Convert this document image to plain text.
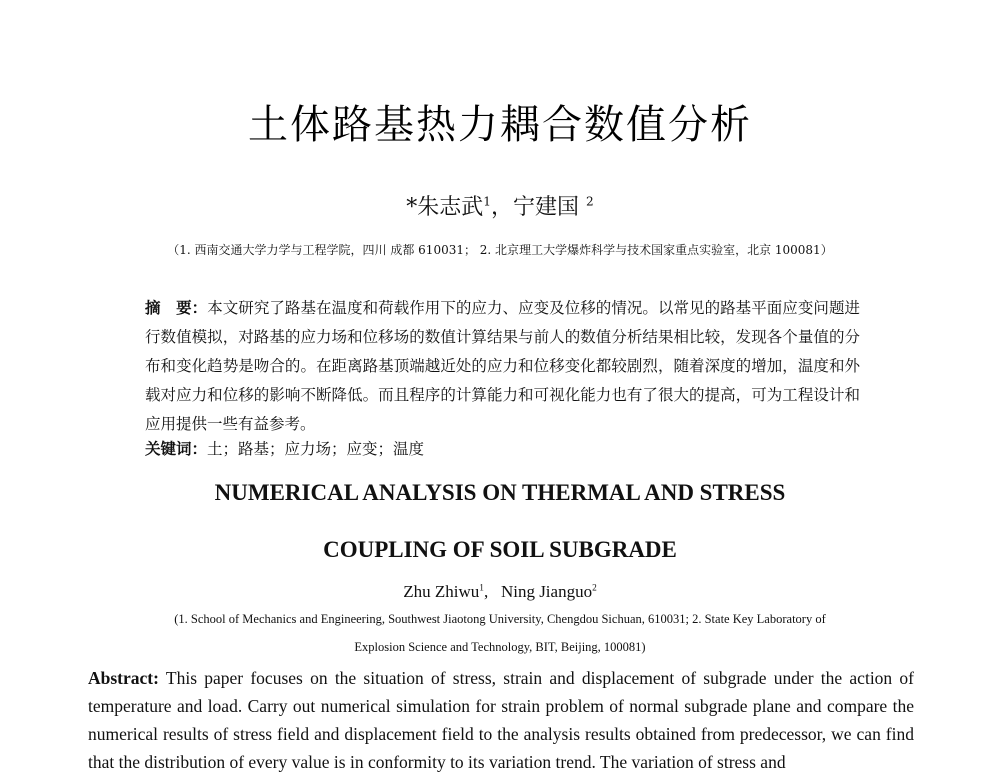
土体路基热力耦合数值分析
*朱志武$^1$，宁建国 $^2$
（1. 西南交通大学力学与工程学院，四川 成都 610031； 2. 北京理工大学爆炸科学与技术国家重点实验室，北京 100081）
摘　要：本文研究了路基在温度和荷载作用下的应力、应变及位移的情况。以常见的路基平面应变问题进行数值模拟，对路基的应力场和位移场的数值计算结果与前人的数值分析结果相比较，发现各个量值的分布和变化趋势是吻合的。在距离路基顶端越近处的应力和位移变化都较剧烈，随着深度的增加，温度和外载对应力和位移的影响不断降低。而且程序的计算能力和可视化能力也有了很大的提高，可为工程设计和应用提供一些有益参考。
关键词：土；路基；应力场；应变；温度
NUMERICAL ANALYSIS ON THERMAL AND STRESS
COUPLING OF SOIL SUBGRADE
Zhu Zhiwu$^1$, Ning Jianguo$^2$
(1. School of Mechanics and Engineering, Southwest Jiaotong University, Chengdou Sichuan, 610031; 2. State Key Laboratory of
Explosion Science and Technology, BIT, Beijing, 100081)
Abstract: This paper focuses on the situation of stress, strain and displacement of subgrade under the action of temperature and load. Carry out numerical simulation for strain problem of normal subgrade plane and compare the numerical results of stress field and displacement field to the analysis results obtained from predecessor, we can find that the distribution of every value is in conformity to its variation trend. The variation of stress and
